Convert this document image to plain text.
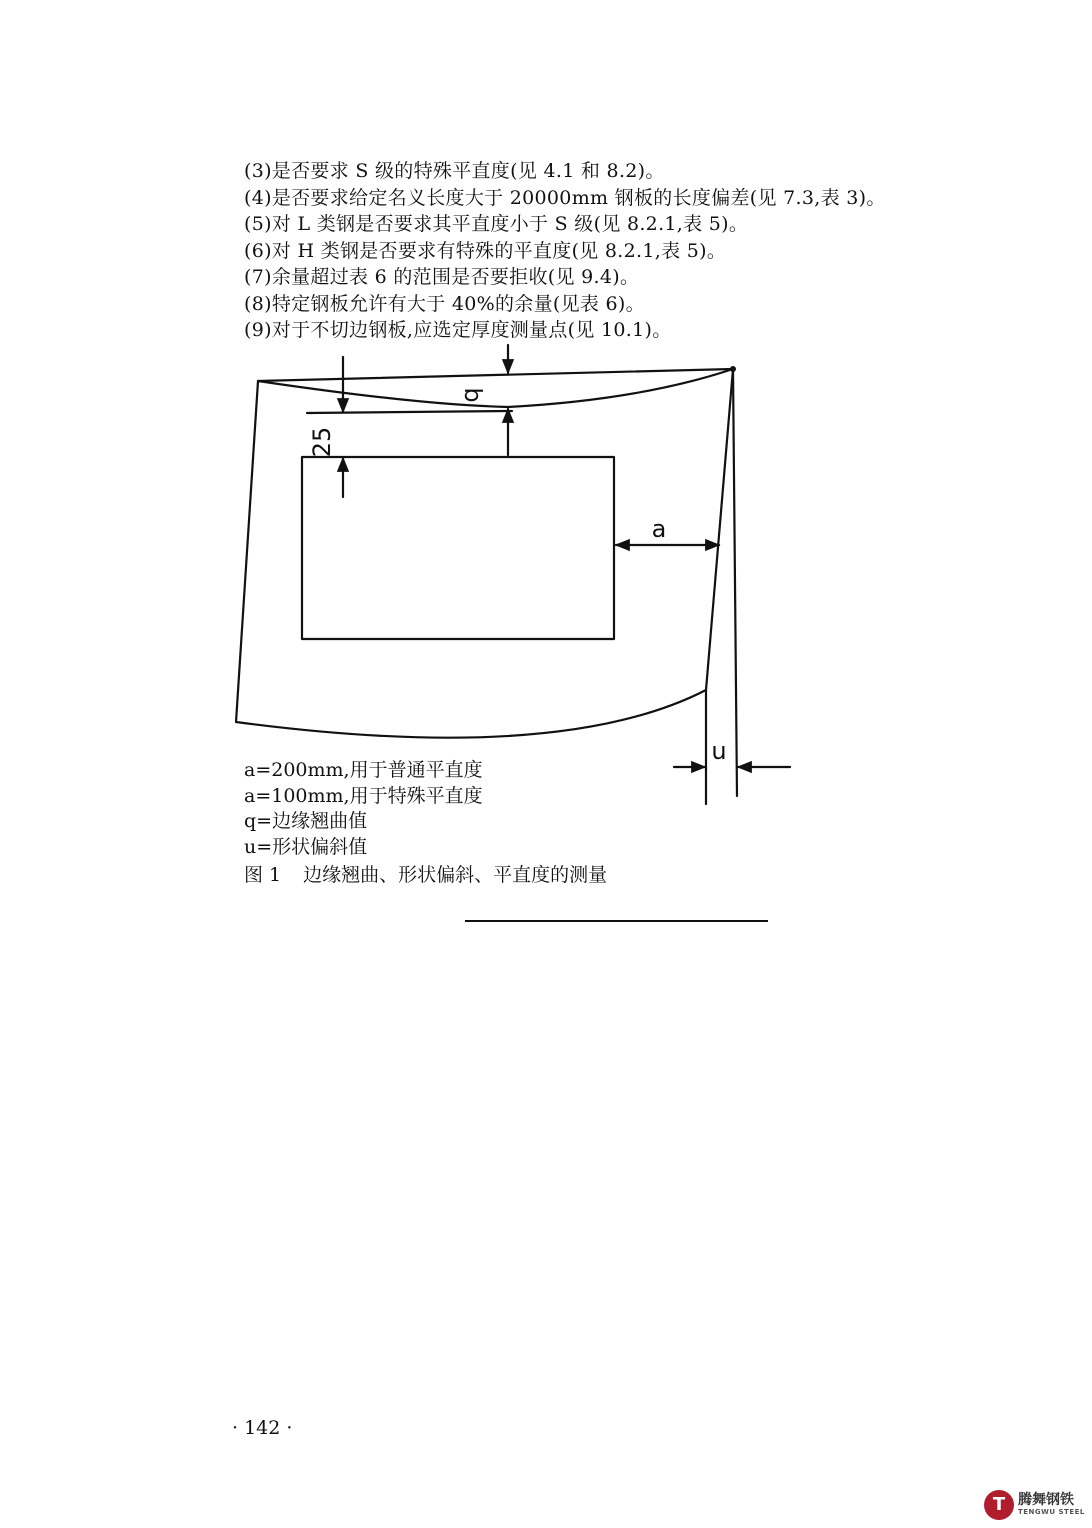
(3)是否要求 S 级的特殊平直度(见 4.1 和 8.2)。
(4)是否要求给定名义长度大于 20000mm 钢板的长度偏差(见 7.3,表 3)。
(5)对 L 类钢是否要求其平直度小于 S 级(见 8.2.1,表 5)。
(6)对 H 类钢是否要求有特殊的平直度(见 8.2.1,表 5)。
(7)余量超过表 6 的范围是否要拒收(见 9.4)。
(8)特定钢板允许有大于 40%的余量(见表 6)。
(9)对于不切边钢板,应选定厚度测量点(见 10.1)。
q
25
a
u
a=200mm,用于普通平直度
a=100mm,用于特殊平直度
q=边缘翘曲值
u=形状偏斜值
图 1 边缘翘曲、形状偏斜、平直度的测量
· 142 ·
T 腾舞钢铁
TENGWU STEEL
